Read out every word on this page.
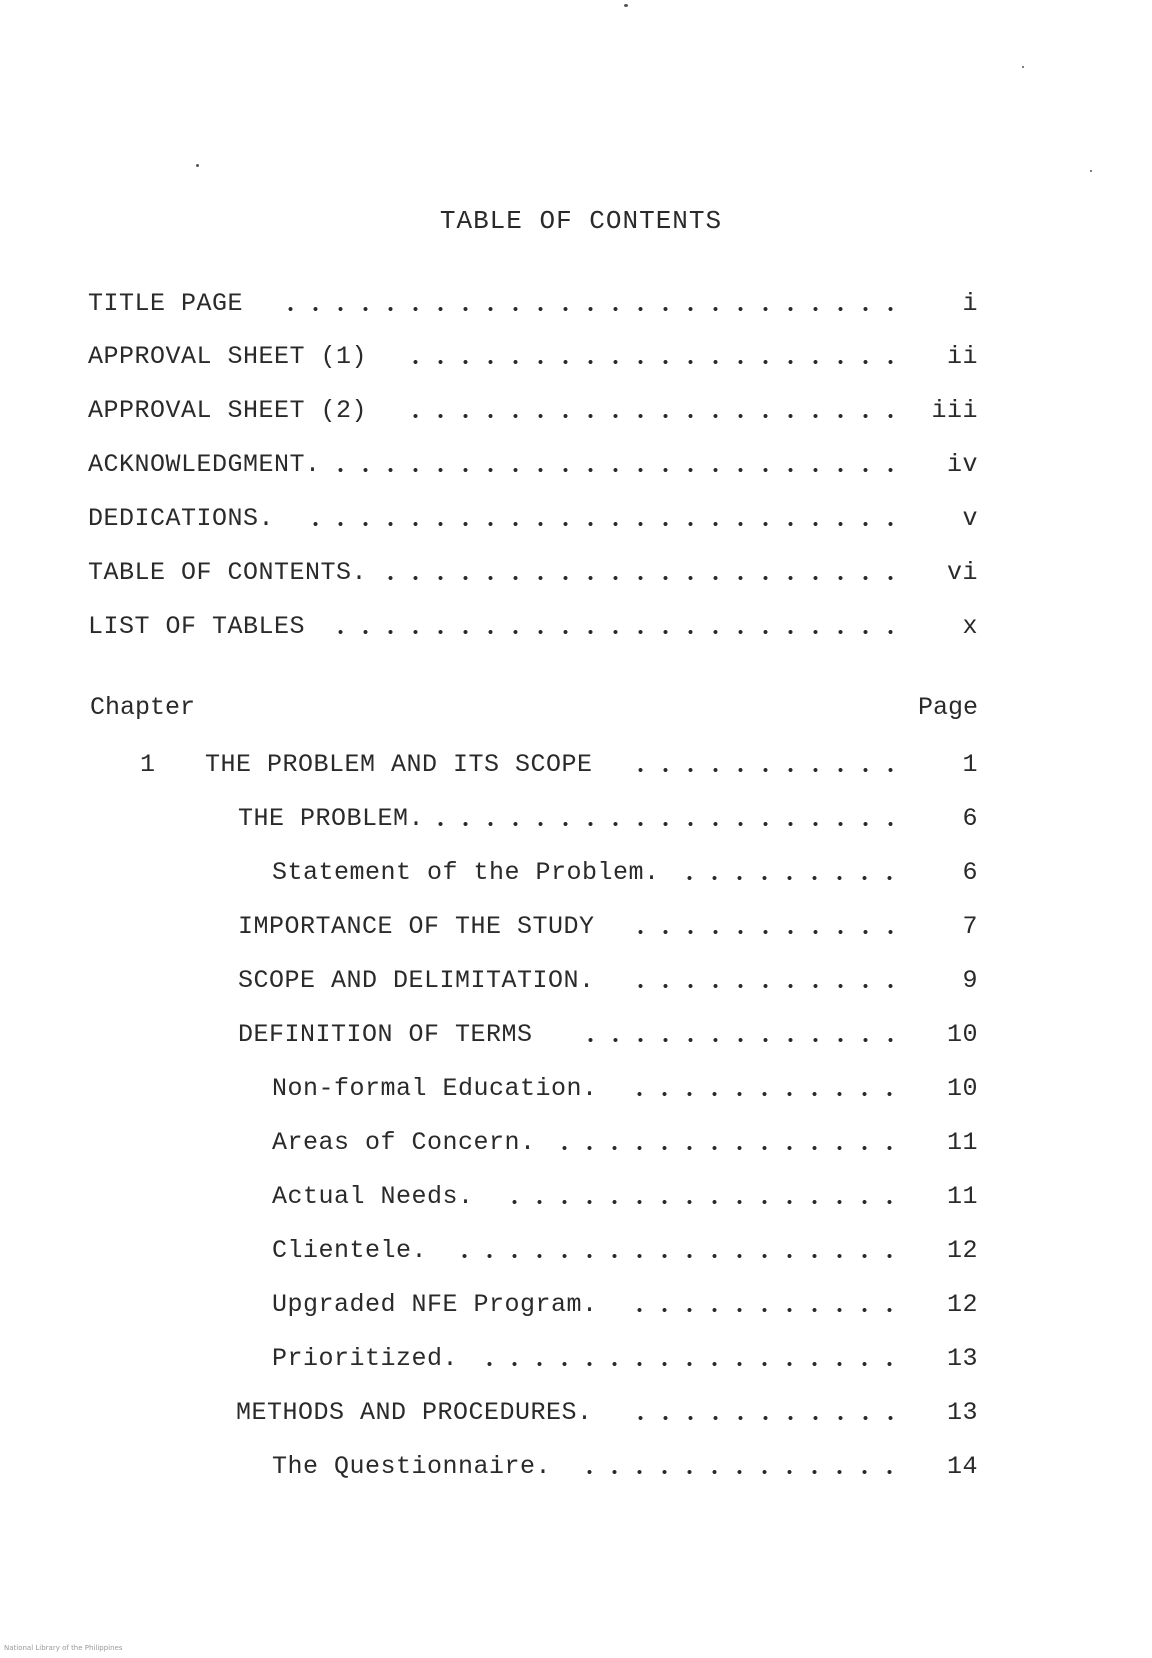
TABLE OF CONTENTS
TITLE PAGE	i
APPROVAL SHEET (1)	ii
APPROVAL SHEET (2)	iii
ACKNOWLEDGMENT.	iv
DEDICATIONS.	v
TABLE OF CONTENTS.	vi
LIST OF TABLES	x
Chapter	Page
1 THE PROBLEM AND ITS SCOPE	1
THE PROBLEM.	6
Statement of the Problem.	6
IMPORTANCE OF THE STUDY	7
SCOPE AND DELIMITATION.	9
DEFINITION OF TERMS	10
Non-formal Education.	10
Areas of Concern.	11
Actual Needs.	11
Clientele.	12
Upgraded NFE Program.	12
Prioritized.	13
METHODS AND PROCEDURES.	13
The Questionnaire.	14
National Library of the Philippines
